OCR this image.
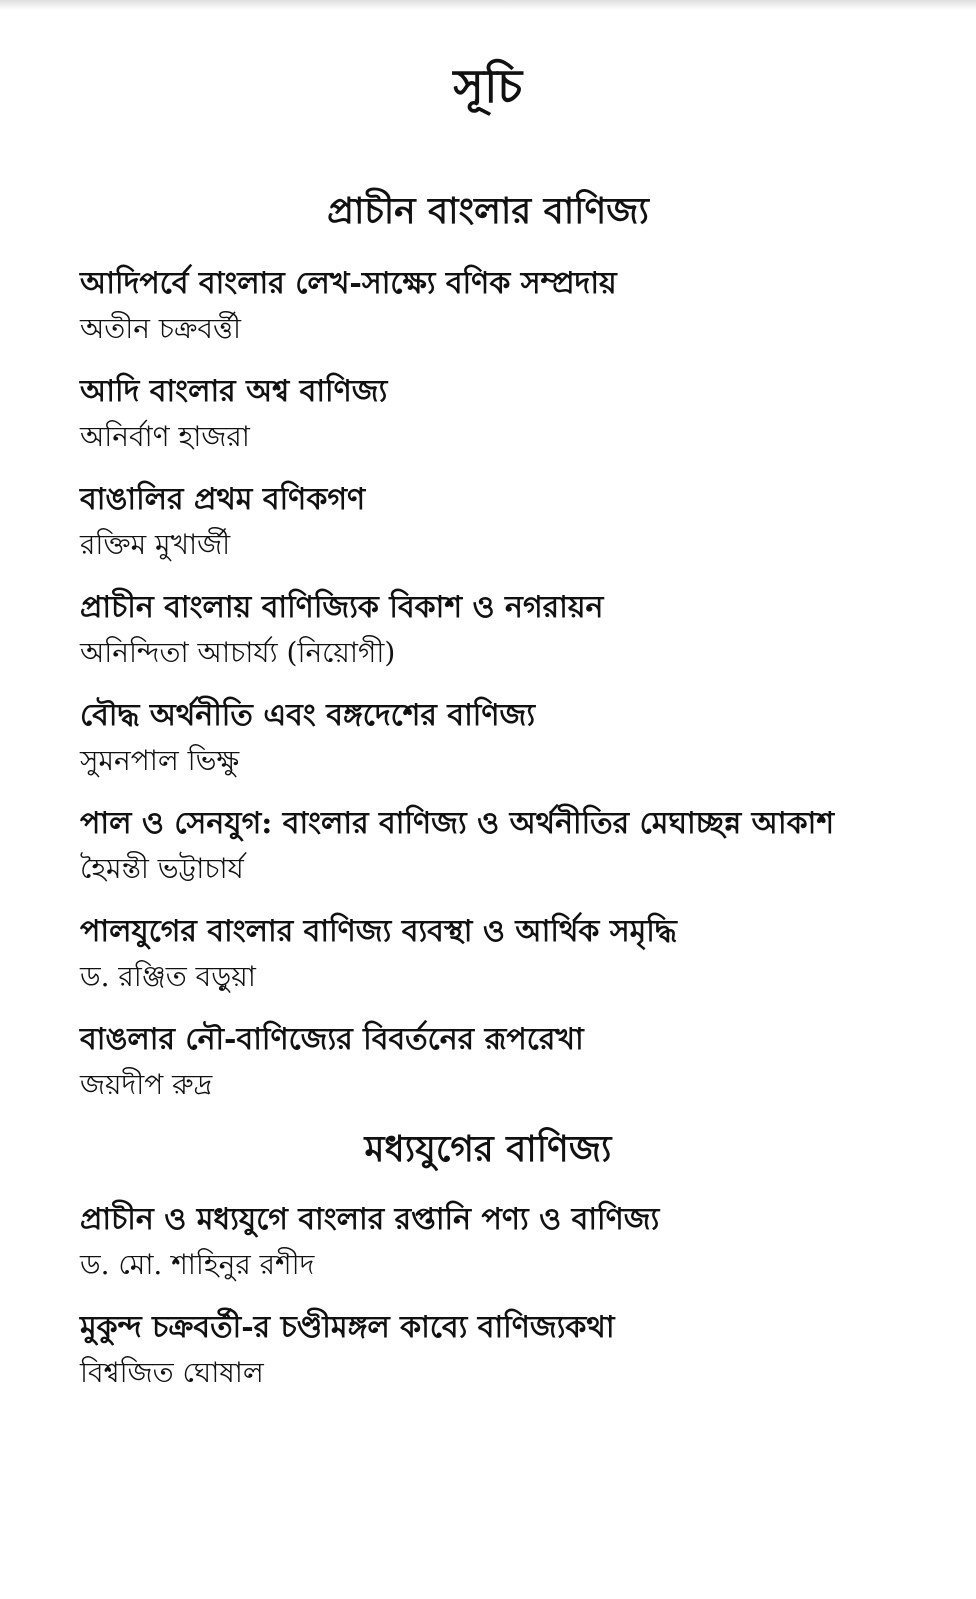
সূচি
প্রাচীন বাংলার বাণিজ্য
আদিপর্বে বাংলার লেখ-সাক্ষ্যে বণিক সম্প্রদায়
অতীন চক্রবর্ত্তী
আদি বাংলার অশ্ব বাণিজ্য
অনির্বাণ হাজরা
বাঙালির প্রথম বণিকগণ
রক্তিম মুখার্জী
প্রাচীন বাংলায় বাণিজ্যিক বিকাশ ও নগরায়ন
অনিন্দিতা আচার্য্য (নিয়োগী)
বৌদ্ধ অর্থনীতি এবং বঙ্গদেশের বাণিজ্য
সুমনপাল ভিক্ষু
পাল ও সেনযুগ: বাংলার বাণিজ্য ও অর্থনীতির মেঘাচ্ছন্ন আকাশ
হৈমন্তী ভট্টাচার্য
পালযুগের বাংলার বাণিজ্য ব্যবস্থা ও আর্থিক সমৃদ্ধি
ড. রঞ্জিত বড়ুয়া
বাঙলার নৌ-বাণিজ্যের বিবর্তনের রূপরেখা
জয়দীপ রুদ্র
মধ্যযুগের বাণিজ্য
প্রাচীন ও মধ্যযুগে বাংলার রপ্তানি পণ্য ও বাণিজ্য
ড. মো. শাহিনুর রশীদ
মুকুন্দ চক্রবর্তী-র চণ্ডীমঙ্গল কাব্যে বাণিজ্যকথা
বিশ্বজিত ঘোষাল
